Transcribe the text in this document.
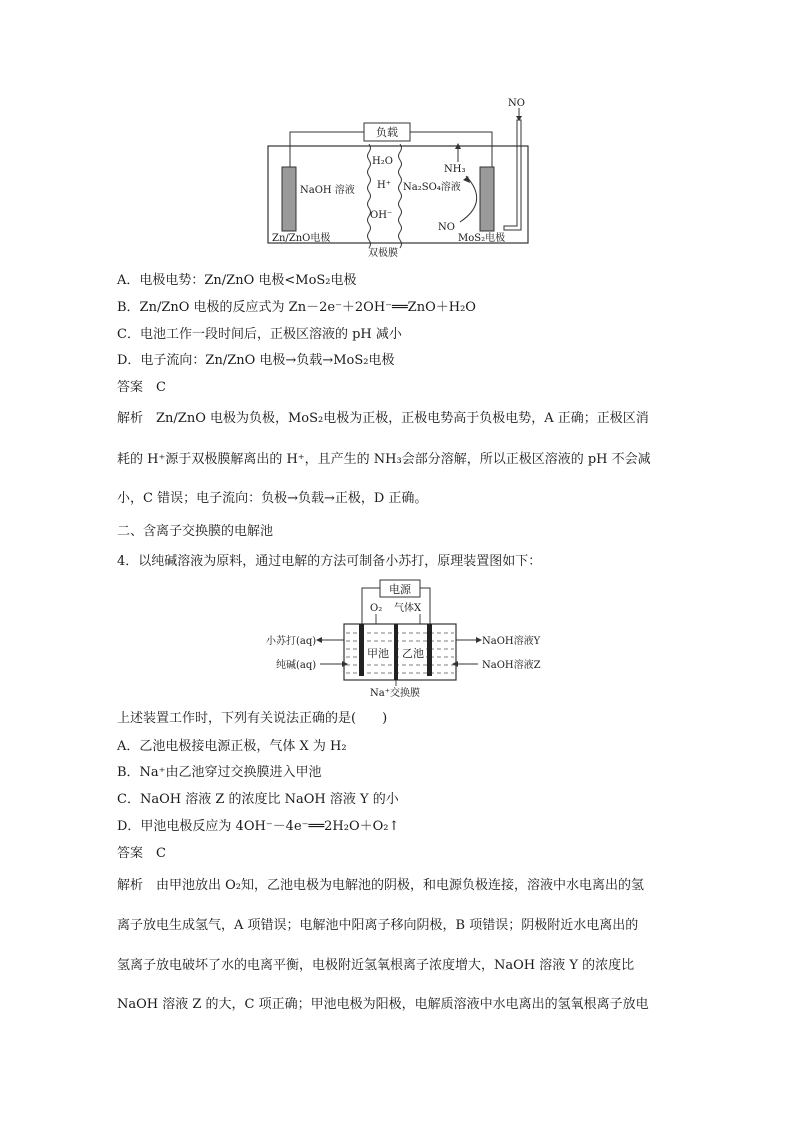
负载
NO
H₂O
H⁺
OH⁻
NaOH 溶液	Na₂SO₄溶液
NH₃
NO
Zn/ZnO电极	MoS₂电极
双极膜
A．电极电势：Zn/ZnO 电极<MoS₂电极
B．Zn/ZnO 电极的反应式为 Zn－2e⁻＋2OH⁻══ZnO＋H₂O
C．电池工作一段时间后，正极区溶液的 pH 减小
D．电子流向：Zn/ZnO 电极→负载→MoS₂电极
答案　C
解析　Zn/ZnO 电极为负极，MoS₂电极为正极，正极电势高于负极电势，A 正确；正极区消
耗的 H⁺源于双极膜解离出的 H⁺，且产生的 NH₃会部分溶解，所以正极区溶液的 pH 不会减
小，C 错误；电子流向：负极→负载→正极，D 正确。
二、含离子交换膜的电解池
4．以纯碱溶液为原料，通过电解的方法可制备小苏打，原理装置图如下：
电源
O₂ 气体X
甲池 乙池
小苏打(aq)
纯碱(aq)
NaOH溶液Y
NaOH溶液Z
Na⁺交换膜
上述装置工作时，下列有关说法正确的是(　　)
A．乙池电极接电源正极，气体 X 为 H₂
B．Na⁺由乙池穿过交换膜进入甲池
C．NaOH 溶液 Z 的浓度比 NaOH 溶液 Y 的小
D．甲池电极反应为 4OH⁻－4e⁻══2H₂O＋O₂↑
答案　C
解析　由甲池放出 O₂知，乙池电极为电解池的阴极，和电源负极连接，溶液中水电离出的氢
离子放电生成氢气，A 项错误；电解池中阳离子移向阴极，B 项错误；阴极附近水电离出的
氢离子放电破坏了水的电离平衡，电极附近氢氧根离子浓度增大，NaOH 溶液 Y 的浓度比
NaOH 溶液 Z 的大，C 项正确；甲池电极为阳极，电解质溶液中水电离出的氢氧根离子放电
